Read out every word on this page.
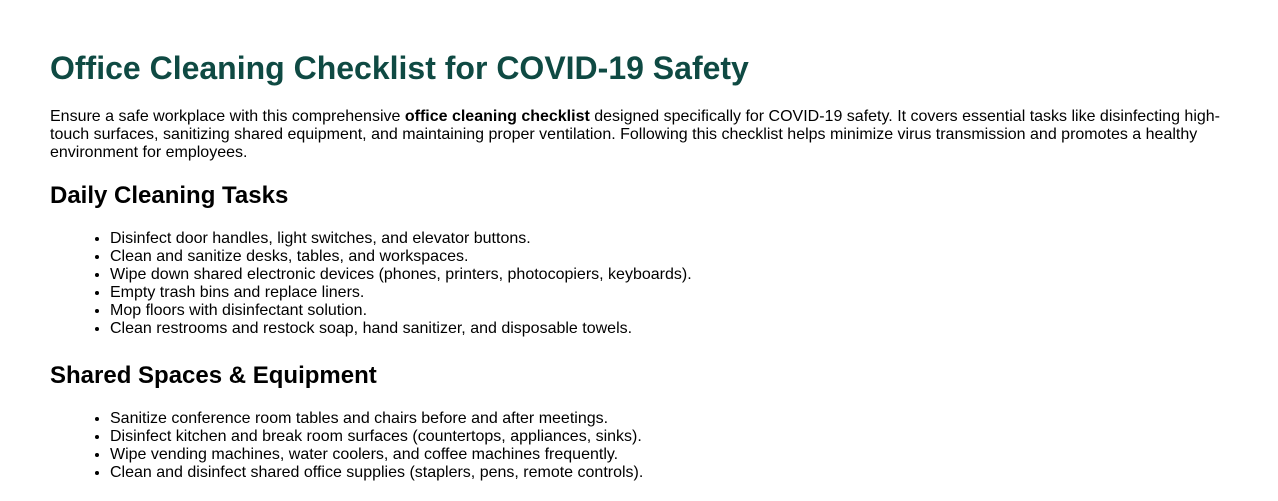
Office Cleaning Checklist for COVID-19 Safety

Ensure a safe workplace with this comprehensive office cleaning checklist designed specifically for COVID-19 safety. It covers essential tasks like disinfecting high-touch surfaces, sanitizing shared equipment, and maintaining proper ventilation. Following this checklist helps minimize virus transmission and promotes a healthy environment for employees.

Daily Cleaning Tasks
• Disinfect door handles, light switches, and elevator buttons.
• Clean and sanitize desks, tables, and workspaces.
• Wipe down shared electronic devices (phones, printers, photocopiers, keyboards).
• Empty trash bins and replace liners.
• Mop floors with disinfectant solution.
• Clean restrooms and restock soap, hand sanitizer, and disposable towels.
Shared Spaces & Equipment
• Sanitize conference room tables and chairs before and after meetings.
• Disinfect kitchen and break room surfaces (countertops, appliances, sinks).
• Wipe vending machines, water coolers, and coffee machines frequently.
• Clean and disinfect shared office supplies (staplers, pens, remote controls).
